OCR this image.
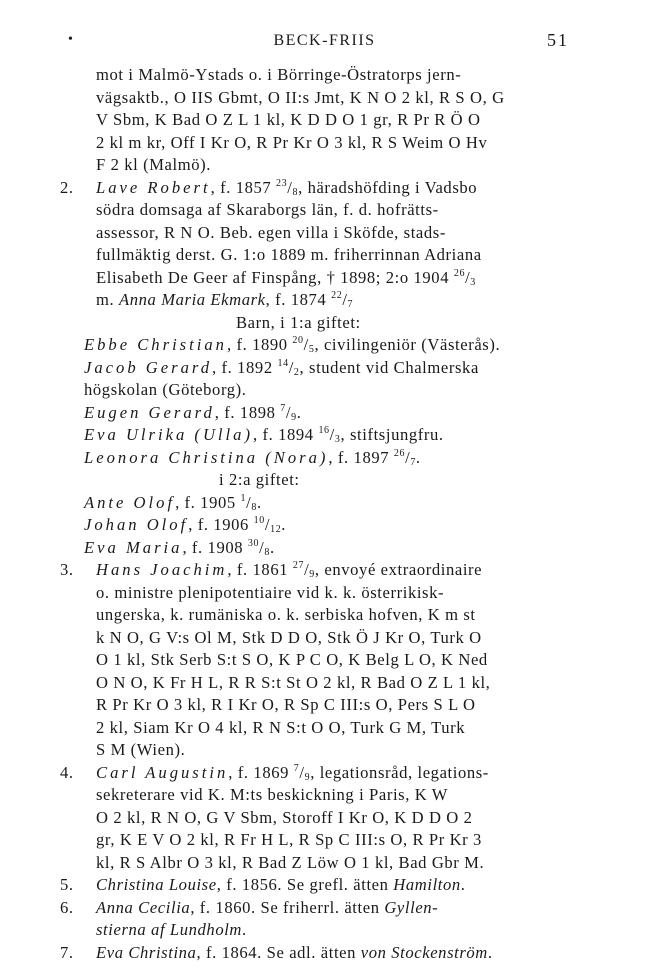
•	BECK-FRIIS	51
mot i Malmö-Ystads o. i Börringe-Östratorps jern-
vägsaktb., O IIS Gbmt, O II:s Jmt, K N O 2 kl, R S O, G
V Sbm, K Bad O Z L 1 kl, K D D O 1 gr, R Pr R Ö O
2 kl m kr, Off I Kr O, R Pr Kr O 3 kl, R S Weim O Hv
F 2 kl (Malmö).
2. Lave Robert, f. 1857 $^{23}/_8$, häradshöfding i Vadsbo
södra domsaga af Skaraborgs län, f. d. hofrätts-
assessor, R N O. Beb. egen villa i Sköfde, stads-
fullmäktig derst. G. 1:o 1889 m. friherrinnan Adriana
Elisabeth De Geer af Finspång, † 1898; 2:o 1904 $^{26}/_3$
m. Anna Maria Ekmark, f. 1874 $^{22}/_7$
Barn, i 1:a giftet:
Ebbe Christian, f. 1890 $^{20}/_5$, civilingeniör (Västerås).
Jacob Gerard, f. 1892 $^{14}/_2$, student vid Chalmerska
högskolan (Göteborg).
Eugen Gerard, f. 1898 $^7/_9$.
Eva Ulrika (Ulla), f. 1894 $^{16}/_3$, stiftsjungfru.
Leonora Christina (Nora), f. 1897 $^{26}/_7$.
i 2:a giftet:
Ante Olof, f. 1905 $^1/_8$.
Johan Olof, f. 1906 $^{10}/_{12}$.
Eva Maria, f. 1908 $^{30}/_8$.
3. Hans Joachim, f. 1861 $^{27}/_9$, envoyé extraordinaire
o. ministre plenipotentiaire vid k. k. österrikisk-
ungerska, k. rumäniska o. k. serbiska hofven, K m st
k N O, G V:s Ol M, Stk D D O, Stk Ö J Kr O, Turk O
O 1 kl, Stk Serb S:t S O, K P C O, K Belg L O, K Ned
O N O, K Fr H L, R R S:t St O 2 kl, R Bad O Z L 1 kl,
R Pr Kr O 3 kl, R I Kr O, R Sp C III:s O, Pers S L O
2 kl, Siam Kr O 4 kl, R N S:t O O, Turk G M, Turk
S M (Wien).
4. Carl Augustin, f. 1869 $^7/_9$, legationsråd, legations-
sekreterare vid K. M:ts beskickning i Paris, K W
O 2 kl, R N O, G V Sbm, Storoff I Kr O, K D D O 2
gr, K E V O 2 kl, R Fr H L, R Sp C III:s O, R Pr Kr 3
kl, R S Albr O 3 kl, R Bad Z Löw O 1 kl, Bad Gbr M.
5. Christina Louise, f. 1856. Se grefl. ätten Hamilton.
6. Anna Cecilia, f. 1860. Se friherrl. ätten Gyllen-
stierna af Lundholm.
7. Eva Christina, f. 1864. Se adl. ätten von Stockenström.
